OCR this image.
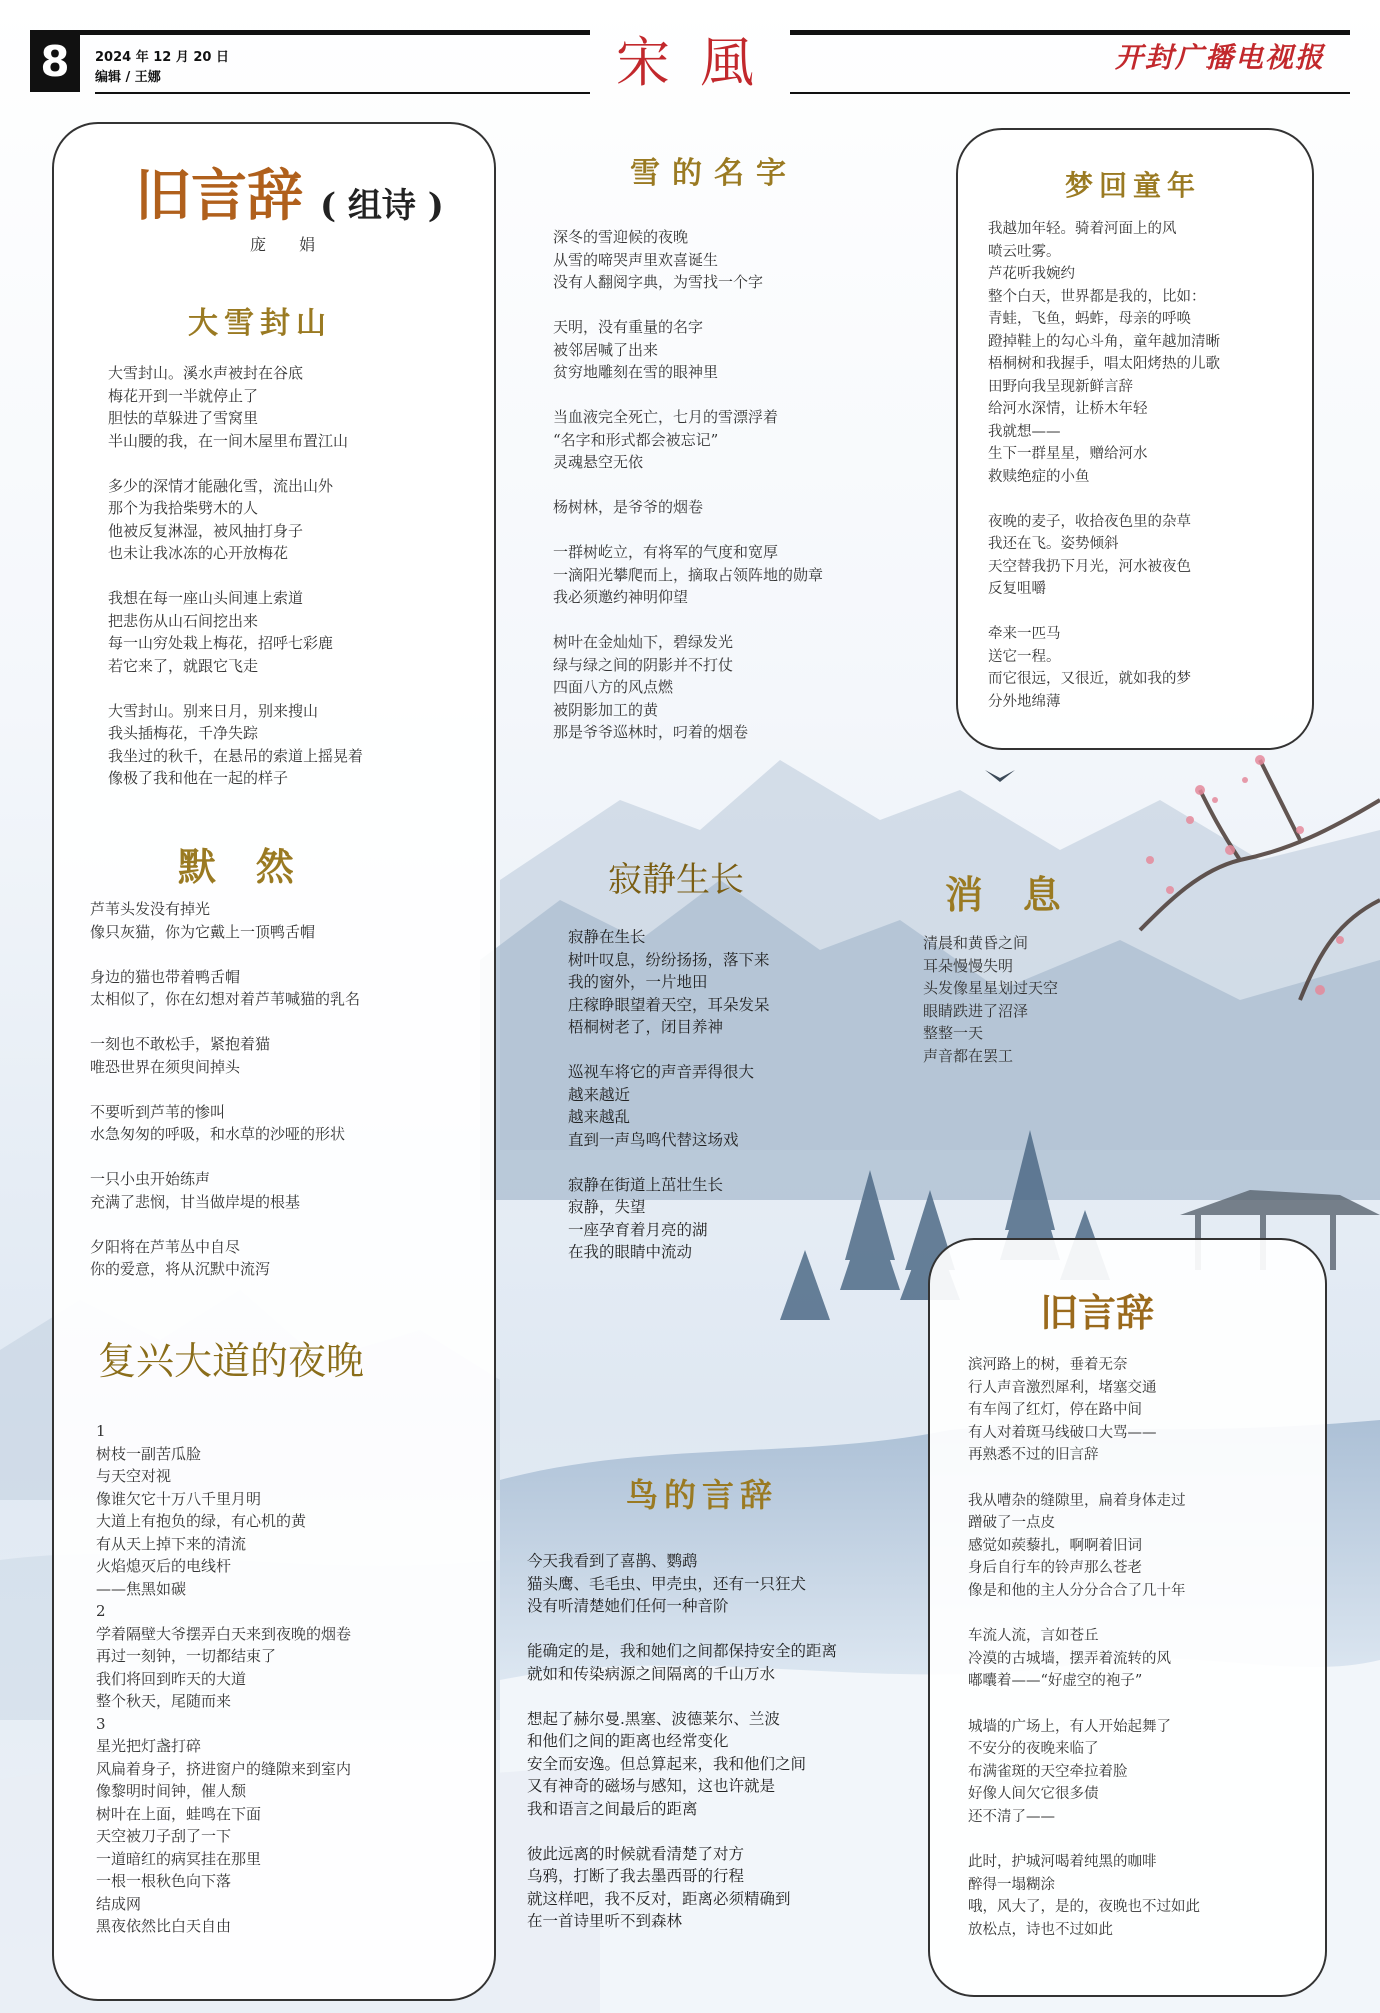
8	2024 年 12 月 20 日
编辑 / 王娜	宋風	开封广播电视报
旧言辞 ( 组诗 )
庞 娟
大雪封山
大雪封山。溪水声被封在谷底
梅花开到一半就停止了
胆怯的草躲进了雪窝里
半山腰的我，在一间木屋里布置江山

多少的深情才能融化雪，流出山外
那个为我拾柴劈木的人
他被反复淋湿，被风抽打身子
也未让我冰冻的心开放梅花

我想在每一座山头间連上索道
把悲伤从山石间挖出来
每一山穷处栽上梅花，招呼七彩鹿
若它来了，就跟它飞走

大雪封山。别来日月，别来搜山
我头插梅花，千净失踪
我坐过的秋千，在悬吊的索道上摇晃着
像极了我和他在一起的样子
默   然
芦苇头发没有掉光
像只灰猫，你为它戴上一顶鸭舌帽

身边的猫也带着鸭舌帽
太相似了，你在幻想对着芦苇喊猫的乳名

一刻也不敢松手，紧抱着猫
唯恐世界在须臾间掉头

不要听到芦苇的惨叫
水急匆匆的呼吸，和水草的沙哑的形状

一只小虫开始练声
充满了悲悯，甘当做岸堤的根基

夕阳将在芦苇丛中自尽
你的爱意，将从沉默中流泻
复兴大道的夜晚
1
树枝一副苦瓜脸
与天空对视
像谁欠它十万八千里月明
大道上有抱负的绿，有心机的黄
有从天上掉下来的清流
火焰熄灭后的电线杆
——焦黑如碳
2
学着隔壁大爷摆弄白天来到夜晚的烟卷
再过一刻钟，一切都结束了
我们将回到昨天的大道
整个秋天，尾随而来
3
星光把灯盏打碎
风扁着身子，挤进窗户的缝隙来到室内
像黎明时间钟，催人颓
树叶在上面，蛙鸣在下面
天空被刀子刮了一下
一道暗红的病冥挂在那里
一根一根秋色向下落
结成网
黑夜依然比白天自由
雪的名字
深冬的雪迎候的夜晚
从雪的啼哭声里欢喜诞生
没有人翻阅字典，为雪找一个字

天明，没有重量的名字
被邻居喊了出来
贫穷地雕刻在雪的眼神里

当血液完全死亡，七月的雪漂浮着
“名字和形式都会被忘记”
灵魂悬空无依

杨树林，是爷爷的烟卷

一群树屹立，有将军的气度和宽厚
一滴阳光攀爬而上，摘取占领阵地的勋章
我必须邀约神明仰望

树叶在金灿灿下，碧绿发光
绿与绿之间的阴影并不打仗
四面八方的风点燃
被阴影加工的黄
那是爷爷巡林时，叼着的烟卷
寂静生长
寂静在生长
树叶叹息，纷纷扬扬，落下来
我的窗外，一片地田
庄稼睁眼望着天空，耳朵发呆
梧桐树老了，闭目养神

巡视车将它的声音弄得很大
越来越近
越来越乱
直到一声鸟鸣代替这场戏

寂静在街道上茁壮生长
寂静，失望
一座孕育着月亮的湖
在我的眼睛中流动
鸟的言辞
今天我看到了喜鹊、鹦鹉
猫头鹰、毛毛虫、甲壳虫，还有一只狂犬
没有听清楚她们任何一种音阶

能确定的是，我和她们之间都保持安全的距离
就如和传染病源之间隔离的千山万水

想起了赫尔曼.黑塞、波德莱尔、兰波
和他们之间的距离也经常变化
安全而安逸。但总算起来，我和他们之间
又有神奇的磁场与感知，这也许就是
我和语言之间最后的距离

彼此远离的时候就看清楚了对方
乌鸦，打断了我去墨西哥的行程
就这样吧，我不反对，距离必须精确到
在一首诗里听不到森林
梦回童年
我越加年轻。骑着河面上的风
喷云吐雾。
芦花听我婉约
整个白天，世界都是我的，比如：
青蛙，飞鱼，蚂蚱，母亲的呼唤
蹬掉鞋上的勾心斗角，童年越加清晰
梧桐树和我握手，唱太阳烤热的儿歌
田野向我呈现新鲜言辞
给河水深情，让桥木年轻
我就想——
生下一群星星，赠给河水
救赎绝症的小鱼

夜晚的麦子，收拾夜色里的杂草
我还在飞。姿势倾斜
天空替我扔下月光，河水被夜色
反复咀嚼

牵来一匹马
送它一程。
而它很远，又很近，就如我的梦
分外地绵薄
消   息
清晨和黄昏之间
耳朵慢慢失明
头发像星星划过天空
眼睛跌进了沼泽
整整一天
声音都在罢工
旧言辞
滨河路上的树，垂着无奈
行人声音激烈犀利，堵塞交通
有车闯了红灯，停在路中间
有人对着斑马线破口大骂——
再熟悉不过的旧言辞

我从嘈杂的缝隙里，扁着身体走过
蹭破了一点皮
感觉如蒺藜扎，啊啊着旧词
身后自行车的铃声那么苍老
像是和他的主人分分合合了几十年

车流人流，言如苍丘
冷漠的古城墙，摆弄着流转的风
嘟囔着——“好虚空的袍子”

城墙的广场上，有人开始起舞了
不安分的夜晚来临了
布满雀斑的天空牵拉着脸
好像人间欠它很多债
还不清了——

此时，护城河喝着纯黑的咖啡
醉得一塌糊涂
哦，风大了，是的，夜晚也不过如此
放松点，诗也不过如此
